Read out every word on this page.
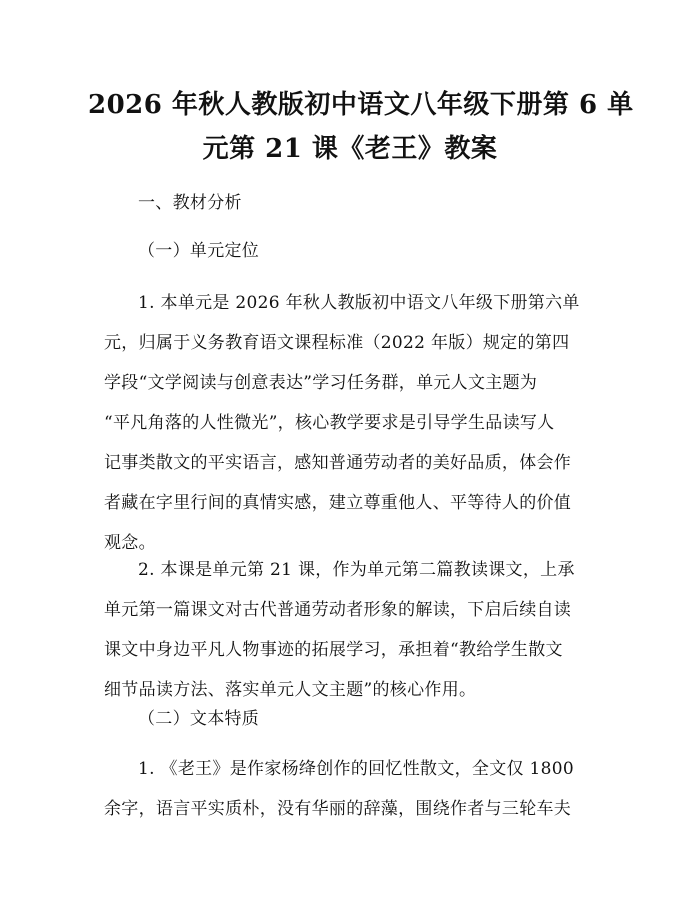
2026 年秋人教版初中语文八年级下册第 6 单
元第 21 课《老王》教案
一、教材分析
（一）单元定位
1. 本单元是 2026 年秋人教版初中语文八年级下册第六单
元，归属于义务教育语文课程标准（2022 年版）规定的第四
学段“文学阅读与创意表达”学习任务群，单元人文主题为
“平凡角落的人性微光”，核心教学要求是引导学生品读写人
记事类散文的平实语言，感知普通劳动者的美好品质，体会作
者藏在字里行间的真情实感，建立尊重他人、平等待人的价值
观念。
2. 本课是单元第 21 课，作为单元第二篇教读课文，上承
单元第一篇课文对古代普通劳动者形象的解读，下启后续自读
课文中身边平凡人物事迹的拓展学习，承担着“教给学生散文
细节品读方法、落实单元人文主题”的核心作用。
（二）文本特质
1. 《老王》是作家杨绛创作的回忆性散文，全文仅 1800
余字，语言平实质朴，没有华丽的辞藻，围绕作者与三轮车夫
